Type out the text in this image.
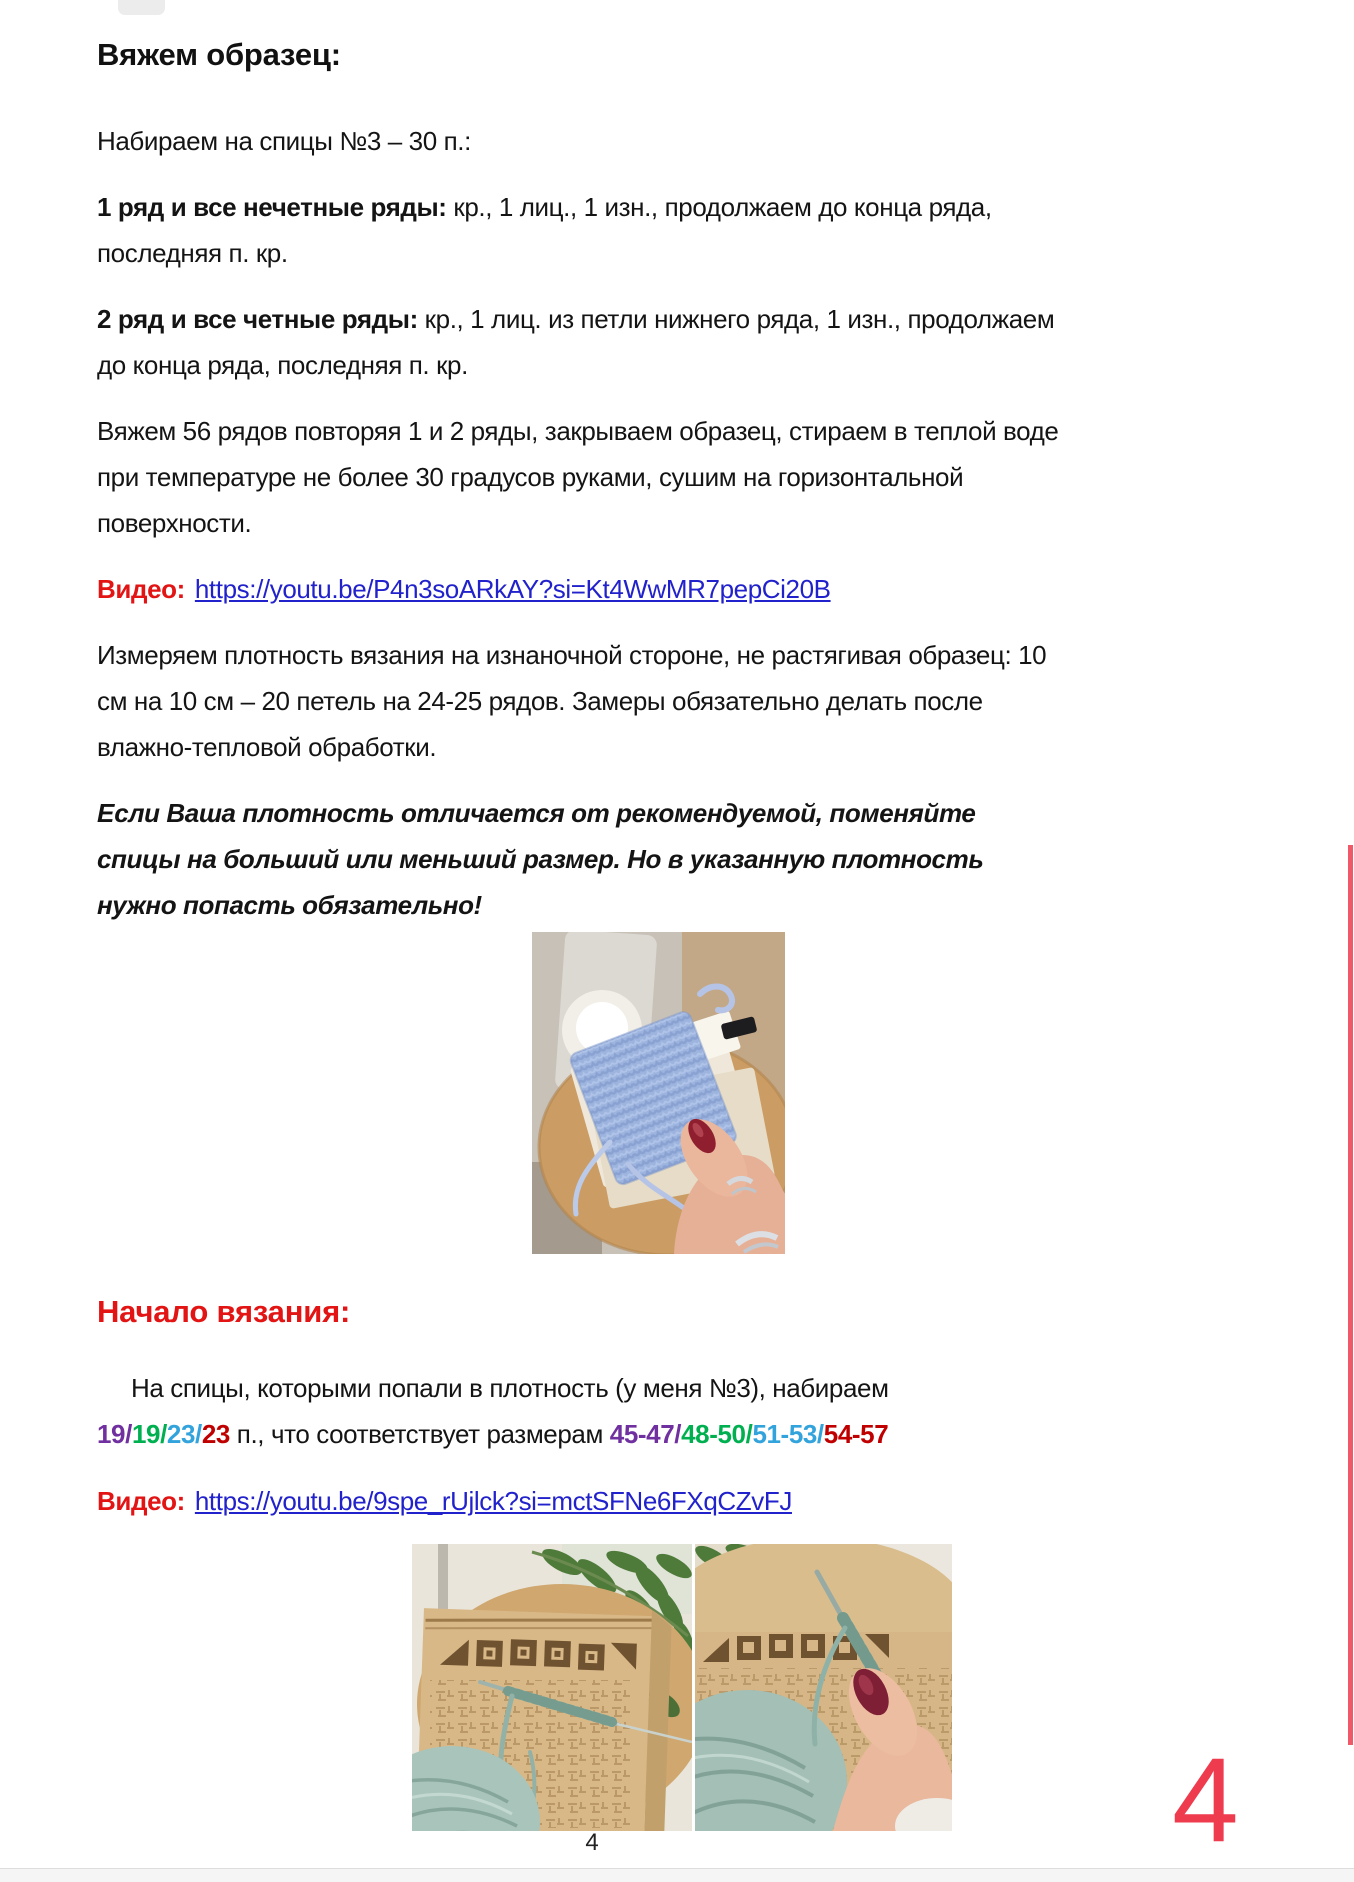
Вяжем образец:

Набираем на спицы №3 – 30 п.:

1 ряд и все нечетные ряды: кр., 1 лиц., 1 изн., продолжаем до конца ряда, последняя п. кр.

2 ряд и все четные ряды: кр., 1 лиц. из петли нижнего ряда, 1 изн., продолжаем до конца ряда, последняя п. кр.

Вяжем 56 рядов повторяя 1 и 2 ряды, закрываем образец, стираем в теплой воде при температуре не более 30 градусов руками, сушим на горизонтальной поверхности.

Видео: https://youtu.be/P4n3soARkAY?si=Kt4WwMR7pepCi20B

Измеряем плотность вязания на изнаночной стороне, не растягивая образец: 10 см на 10 см – 20 петель на 24-25 рядов. Замеры обязательно делать после влажно-тепловой обработки.

Если Ваша плотность отличается от рекомендуемой, поменяйте спицы на больший или меньший размер. Но в указанную плотность нужно попасть обязательно!

Начало вязания:

На спицы, которыми попали в плотность (у меня №3), набираем
19/19/23/23 п., что соответствует размерам 45-47/48-50/51-53/54-57

Видео: https://youtu.be/9spe_rUjlck?si=mctSFNe6FXqCZvFJ

4	4
